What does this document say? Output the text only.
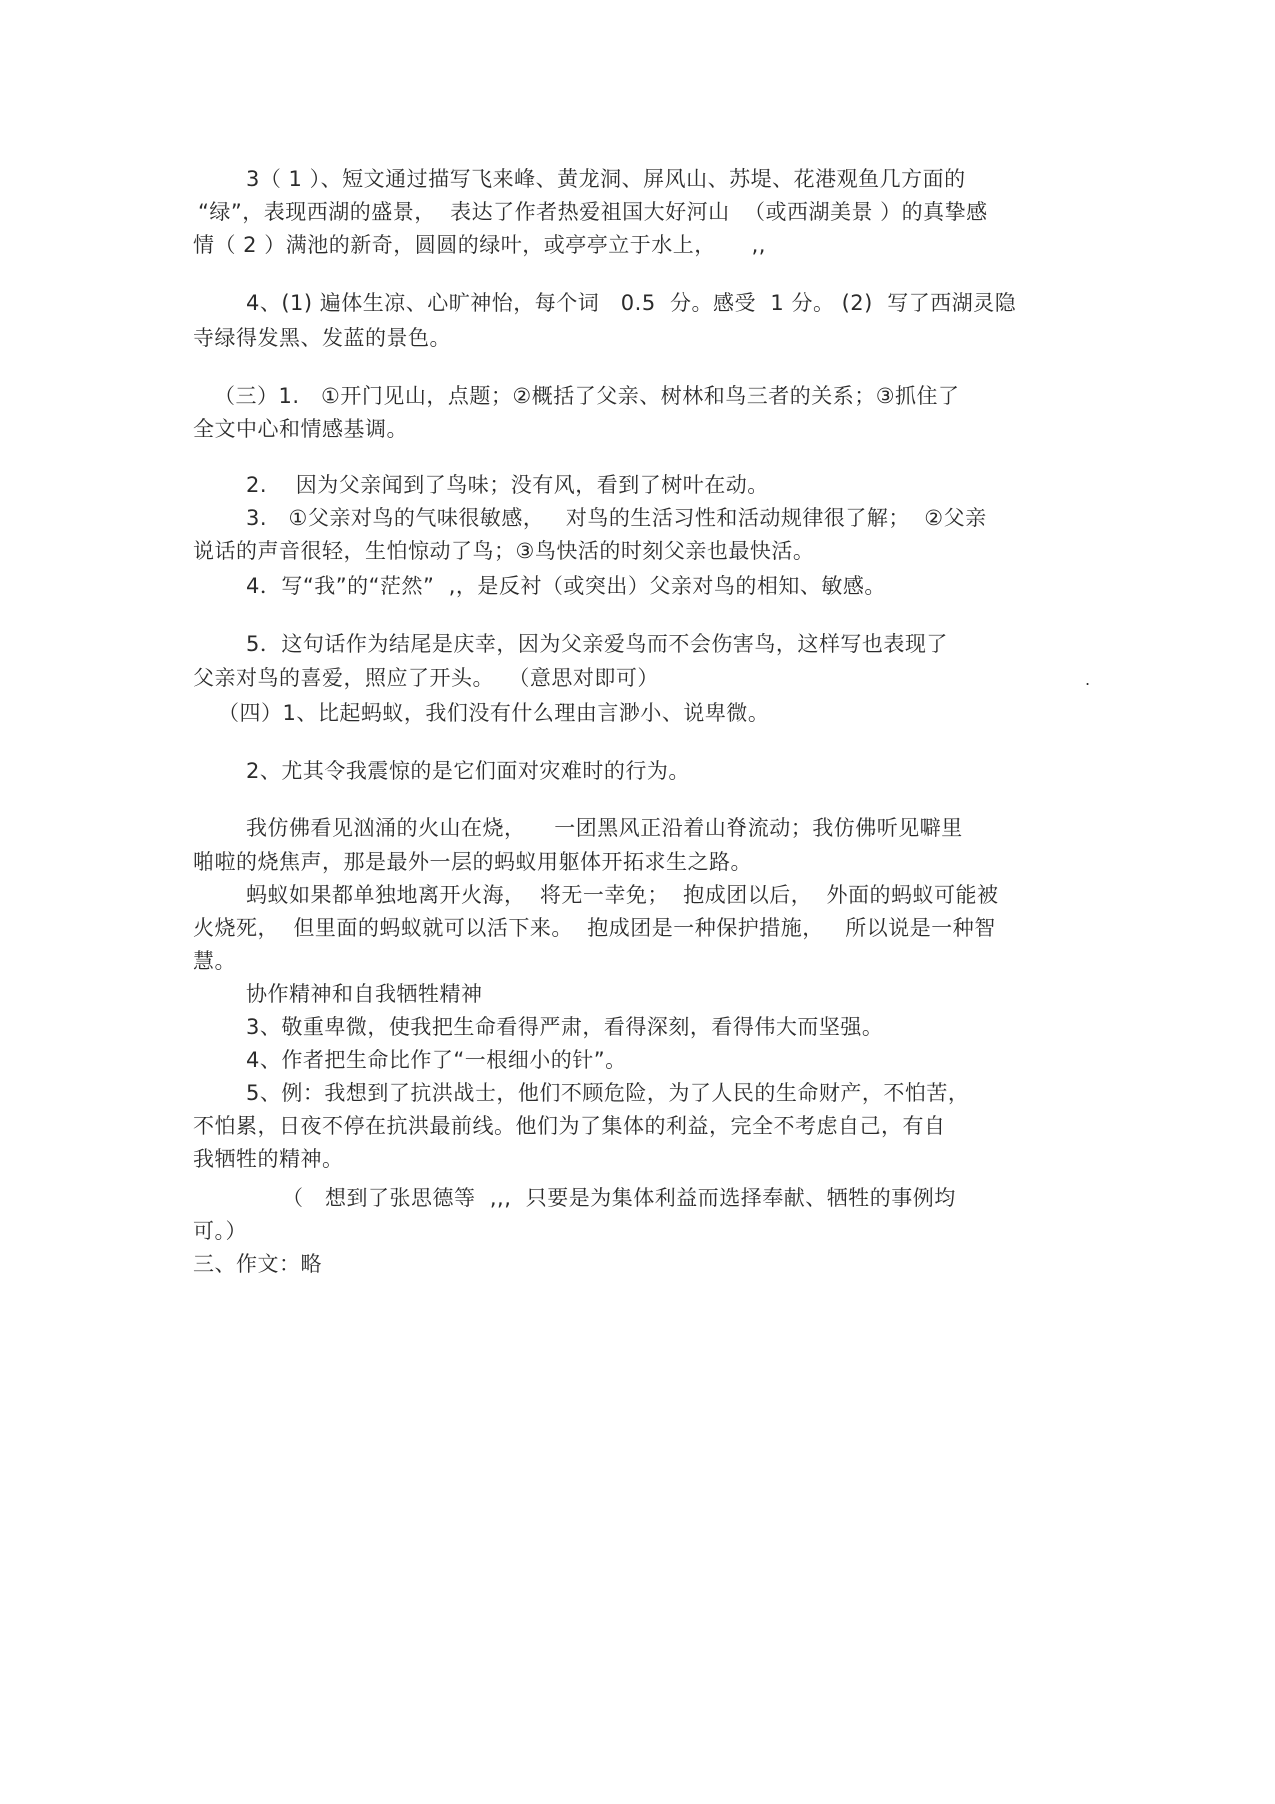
3（ 1 ）、短文通过描写飞来峰、黄龙洞、屏风山、苏堤、花港观鱼几方面的
“绿”，表现西湖的盛景，  表达了作者热爱祖国大好河山  （或西湖美景 ）的真挚感
情（ 2 ）满池的新奇，圆圆的绿叶，或亭亭立于水上，     ,,
4、(1) 遍体生凉、心旷神怡，每个词   0.5  分。感受  1 分。 (2)  写了西湖灵隐
寺绿得发黑、发蓝的景色。
（三）1.   ①开门见山，点题；②概括了父亲、树林和鸟三者的关系；③抓住了
全文中心和情感基调。
2.    因为父亲闻到了鸟味；没有风，看到了树叶在动。
3.   ①父亲对鸟的气味很敏感，   对鸟的生活习性和活动规律很了解；  ②父亲
说话的声音很轻，生怕惊动了鸟；③鸟快活的时刻父亲也最快活。
4．写“我”的“茫然”  ,，是反衬（或突出）父亲对鸟的相知、敏感。
5．这句话作为结尾是庆幸，因为父亲爱鸟而不会伤害鸟，这样写也表现了
父亲对鸟的喜爱，照应了开头。  （意思对即可）	.
（四）1、比起蚂蚁，我们没有什么理由言渺小、说卑微。
2、尤其令我震惊的是它们面对灾难时的行为。
我仿佛看见汹涌的火山在烧，    一团黑风正沿着山脊流动；我仿佛听见噼里
啪啦的烧焦声，那是最外一层的蚂蚁用躯体开拓求生之路。
蚂蚁如果都单独地离开火海，  将无一幸免；  抱成团以后，  外面的蚂蚁可能被
火烧死，  但里面的蚂蚁就可以活下来。  抱成团是一种保护措施，   所以说是一种智
慧。
协作精神和自我牺牲精神
3、敬重卑微，使我把生命看得严肃，看得深刻，看得伟大而坚强。
4、作者把生命比作了“一根细小的针”。
5、例：我想到了抗洪战士，他们不顾危险，为了人民的生命财产，不怕苦，
不怕累，日夜不停在抗洪最前线。他们为了集体的利益，完全不考虑自己，有自
我牺牲的精神。
（   想到了张思德等  ,,,  只要是为集体利益而选择奉献、牺牲的事例均
可。）
三、作文：略
